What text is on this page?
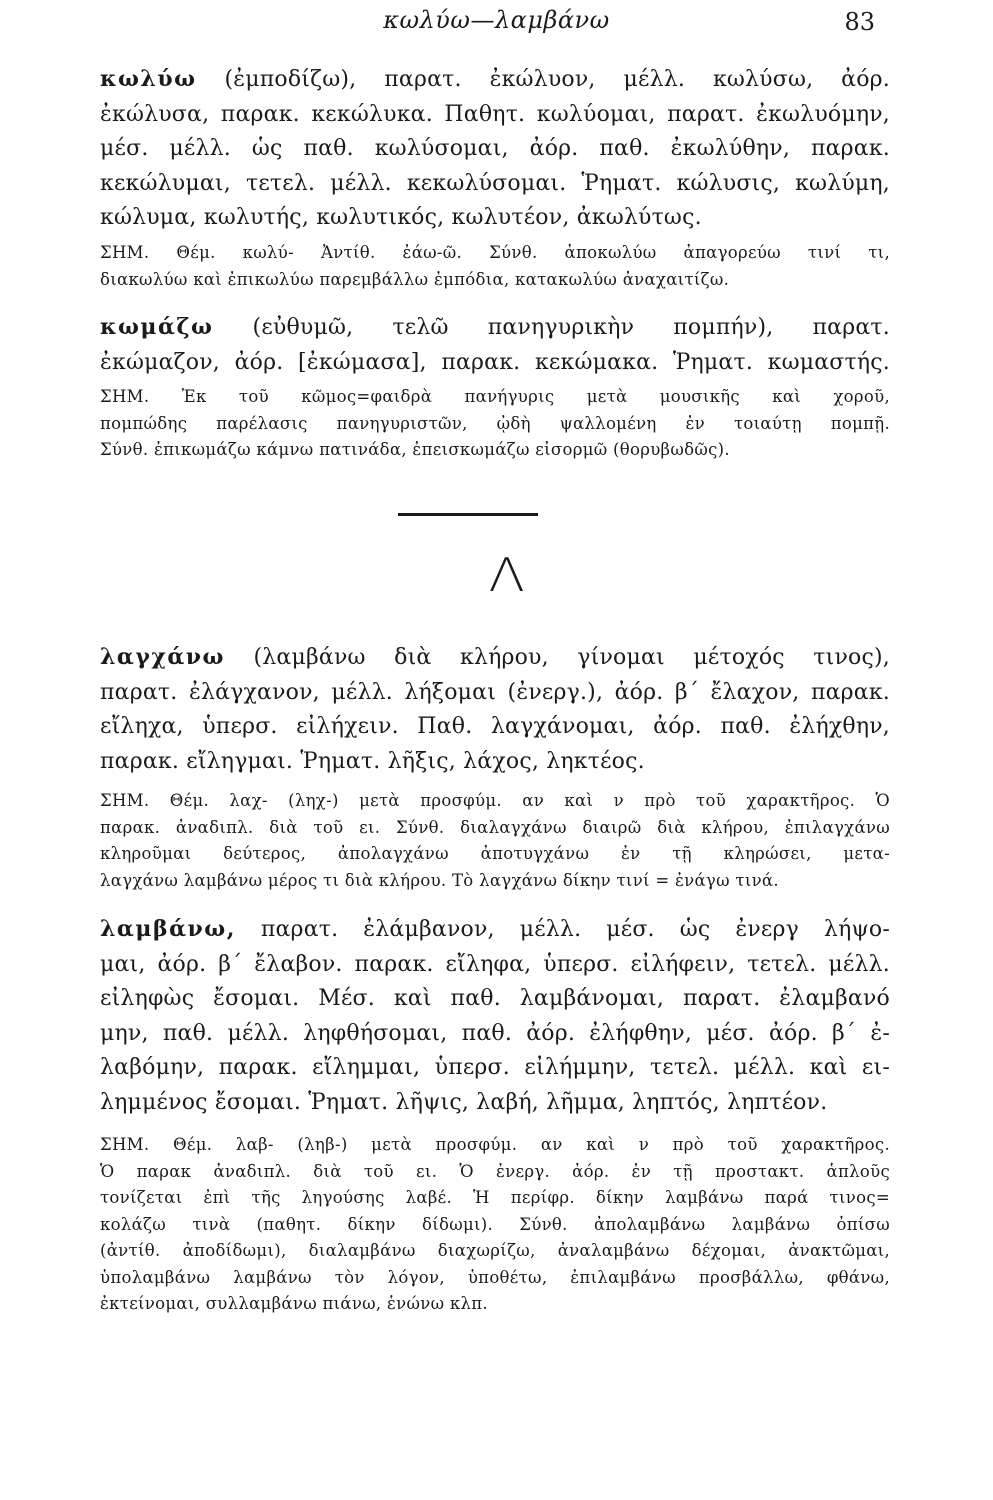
κωλύω—λαμβάνω	83
κωλύω (ἐμποδίζω), παρατ. ἐκώλυον, μέλλ. κωλύσω, ἀόρ.
ἐκώλυσα, παρακ. κεκώλυκα. Παθητ. κωλύομαι, παρατ. ἐκωλυόμην,
μέσ. μέλλ. ὡς παθ. κωλύσομαι, ἀόρ. παθ. ἐκωλύθην, παρακ.
κεκώλυμαι, τετελ. μέλλ. κεκωλύσομαι. Ῥηματ. κώλυσις, κωλύμη,
κώλυμα, κωλυτής, κωλυτικός, κωλυτέον, ἀκωλύτως.
ΣΗΜ. Θέμ. κωλύ- Ἀντίθ. ἐάω-ῶ. Σύνθ. ἀποκωλύω ἀπαγορεύω τινί τι,
διακωλύω καὶ ἐπικωλύω παρεμβάλλω ἐμπόδια, κατακωλύω ἀναχαιτίζω.
κωμάζω (εὐθυμῶ, τελῶ πανηγυρικὴν πομπήν), παρατ.
ἐκώμαζον, ἀόρ. [ἐκώμασα], παρακ. κεκώμακα. Ῥηματ. κωμαστής.
ΣΗΜ. Ἐκ τοῦ κῶμος=φαιδρὰ πανήγυρις μετὰ μουσικῆς καὶ χοροῦ,
πομπώδης παρέλασις πανηγυριστῶν, ᾠδὴ ψαλλομένη ἐν τοιαύτῃ πομπῇ.
Σύνθ. ἐπικωμάζω κάμνω πατινάδα, ἐπεισκωμάζω εἰσορμῶ (θορυβωδῶς).
Λ
λαγχάνω (λαμβάνω διὰ κλήρου, γίνομαι μέτοχός τινος),
παρατ. ἐλάγχανον, μέλλ. λήξομαι (ἐνεργ.), ἀόρ. β΄ ἔλαχον, παρακ.
εἴληχα, ὑπερσ. εἰλήχειν. Παθ. λαγχάνομαι, ἀόρ. παθ. ἐλήχθην,
παρακ. εἴληγμαι. Ῥηματ. λῆξις, λάχος, ληκτέος.
ΣΗΜ. Θέμ. λαχ- (ληχ-) μετὰ προσφύμ. αν καὶ ν πρὸ τοῦ χαρακτῆρος. Ὁ
παρακ. ἀναδιπλ. διὰ τοῦ ει. Σύνθ. διαλαγχάνω διαιρῶ διὰ κλήρου, ἐπιλαγχάνω
κληροῦμαι δεύτερος, ἀπολαγχάνω ἀποτυγχάνω ἐν τῇ κληρώσει, μετα-
λαγχάνω λαμβάνω μέρος τι διὰ κλήρου. Τὸ λαγχάνω δίκην τινί = ἐνάγω τινά.
λαμβάνω, παρατ. ἐλάμβανον, μέλλ. μέσ. ὡς ἐνεργ λήψο-
μαι, ἀόρ. β΄ ἔλαβον. παρακ. εἴληφα, ὑπερσ. εἰλήφειν, τετελ. μέλλ.
εἰληφὼς ἔσομαι. Μέσ. καὶ παθ. λαμβάνομαι, παρατ. ἐλαμβανό
μην, παθ. μέλλ. ληφθήσομαι, παθ. ἀόρ. ἐλήφθην, μέσ. ἀόρ. β΄ ἐ-
λαβόμην, παρακ. εἴλημμαι, ὑπερσ. εἰλήμμην, τετελ. μέλλ. καὶ ει-
λημμένος ἔσομαι. Ῥηματ. λῆψις, λαβή, λῆμμα, ληπτός, ληπτέον.
ΣΗΜ. Θέμ. λαβ- (ληβ-) μετὰ προσφύμ. αν καὶ ν πρὸ τοῦ χαρακτῆρος.
Ὁ παρακ ἀναδιπλ. διὰ τοῦ ει. Ὁ ἐνεργ. ἀόρ. ἐν τῇ προστακτ. ἁπλοῦς
τονίζεται ἐπὶ τῆς ληγούσης λαβέ. Ἡ περίφρ. δίκην λαμβάνω παρά τινος=
κολάζω τινὰ (παθητ. δίκην δίδωμι). Σύνθ. ἀπολαμβάνω λαμβάνω ὀπίσω
(ἀντίθ. ἀποδίδωμι), διαλαμβάνω διαχωρίζω, ἀναλαμβάνω δέχομαι, ἀνακτῶμαι,
ὑπολαμβάνω λαμβάνω τὸν λόγον, ὑποθέτω, ἐπιλαμβάνω προσβάλλω, φθάνω,
ἐκτείνομαι, συλλαμβάνω πιάνω, ἑνώνω κλπ.
